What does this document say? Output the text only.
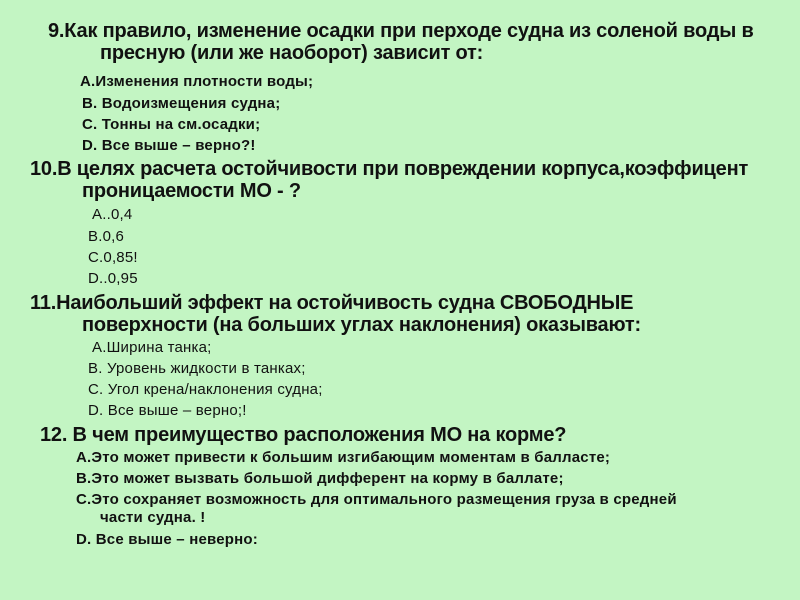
9.Как правило, изменение осадки при перходе судна из соленой воды в пресную (или же наоборот) зависит от:
A.Изменения плотности воды;
B. Водоизмещения судна;
C. Тонны на см.осадки;
D. Все выше – верно?!
10.В целях расчета остойчивости при повреждении корпуса,коэффицент проницаемости МО - ?
A..0,4
B.0,6
C.0,85!
D..0,95
11.Наибольший эффект на остойчивость судна СВОБОДНЫЕ поверхности (на больших углах наклонения) оказывают:
A.Ширина танка;
B. Уровень жидкости в танках;
C. Угол крена/наклонения судна;
D. Все выше – верно;!
12. В чем преимущество расположения МО на корме?
A.Это может привести к большим изгибающим моментам в балласте;
B.Это может вызвать большой дифферент на корму в баллате;
C.Это сохраняет возможность для оптимального размещения груза в средней части судна. !
D. Все выше – неверно:
